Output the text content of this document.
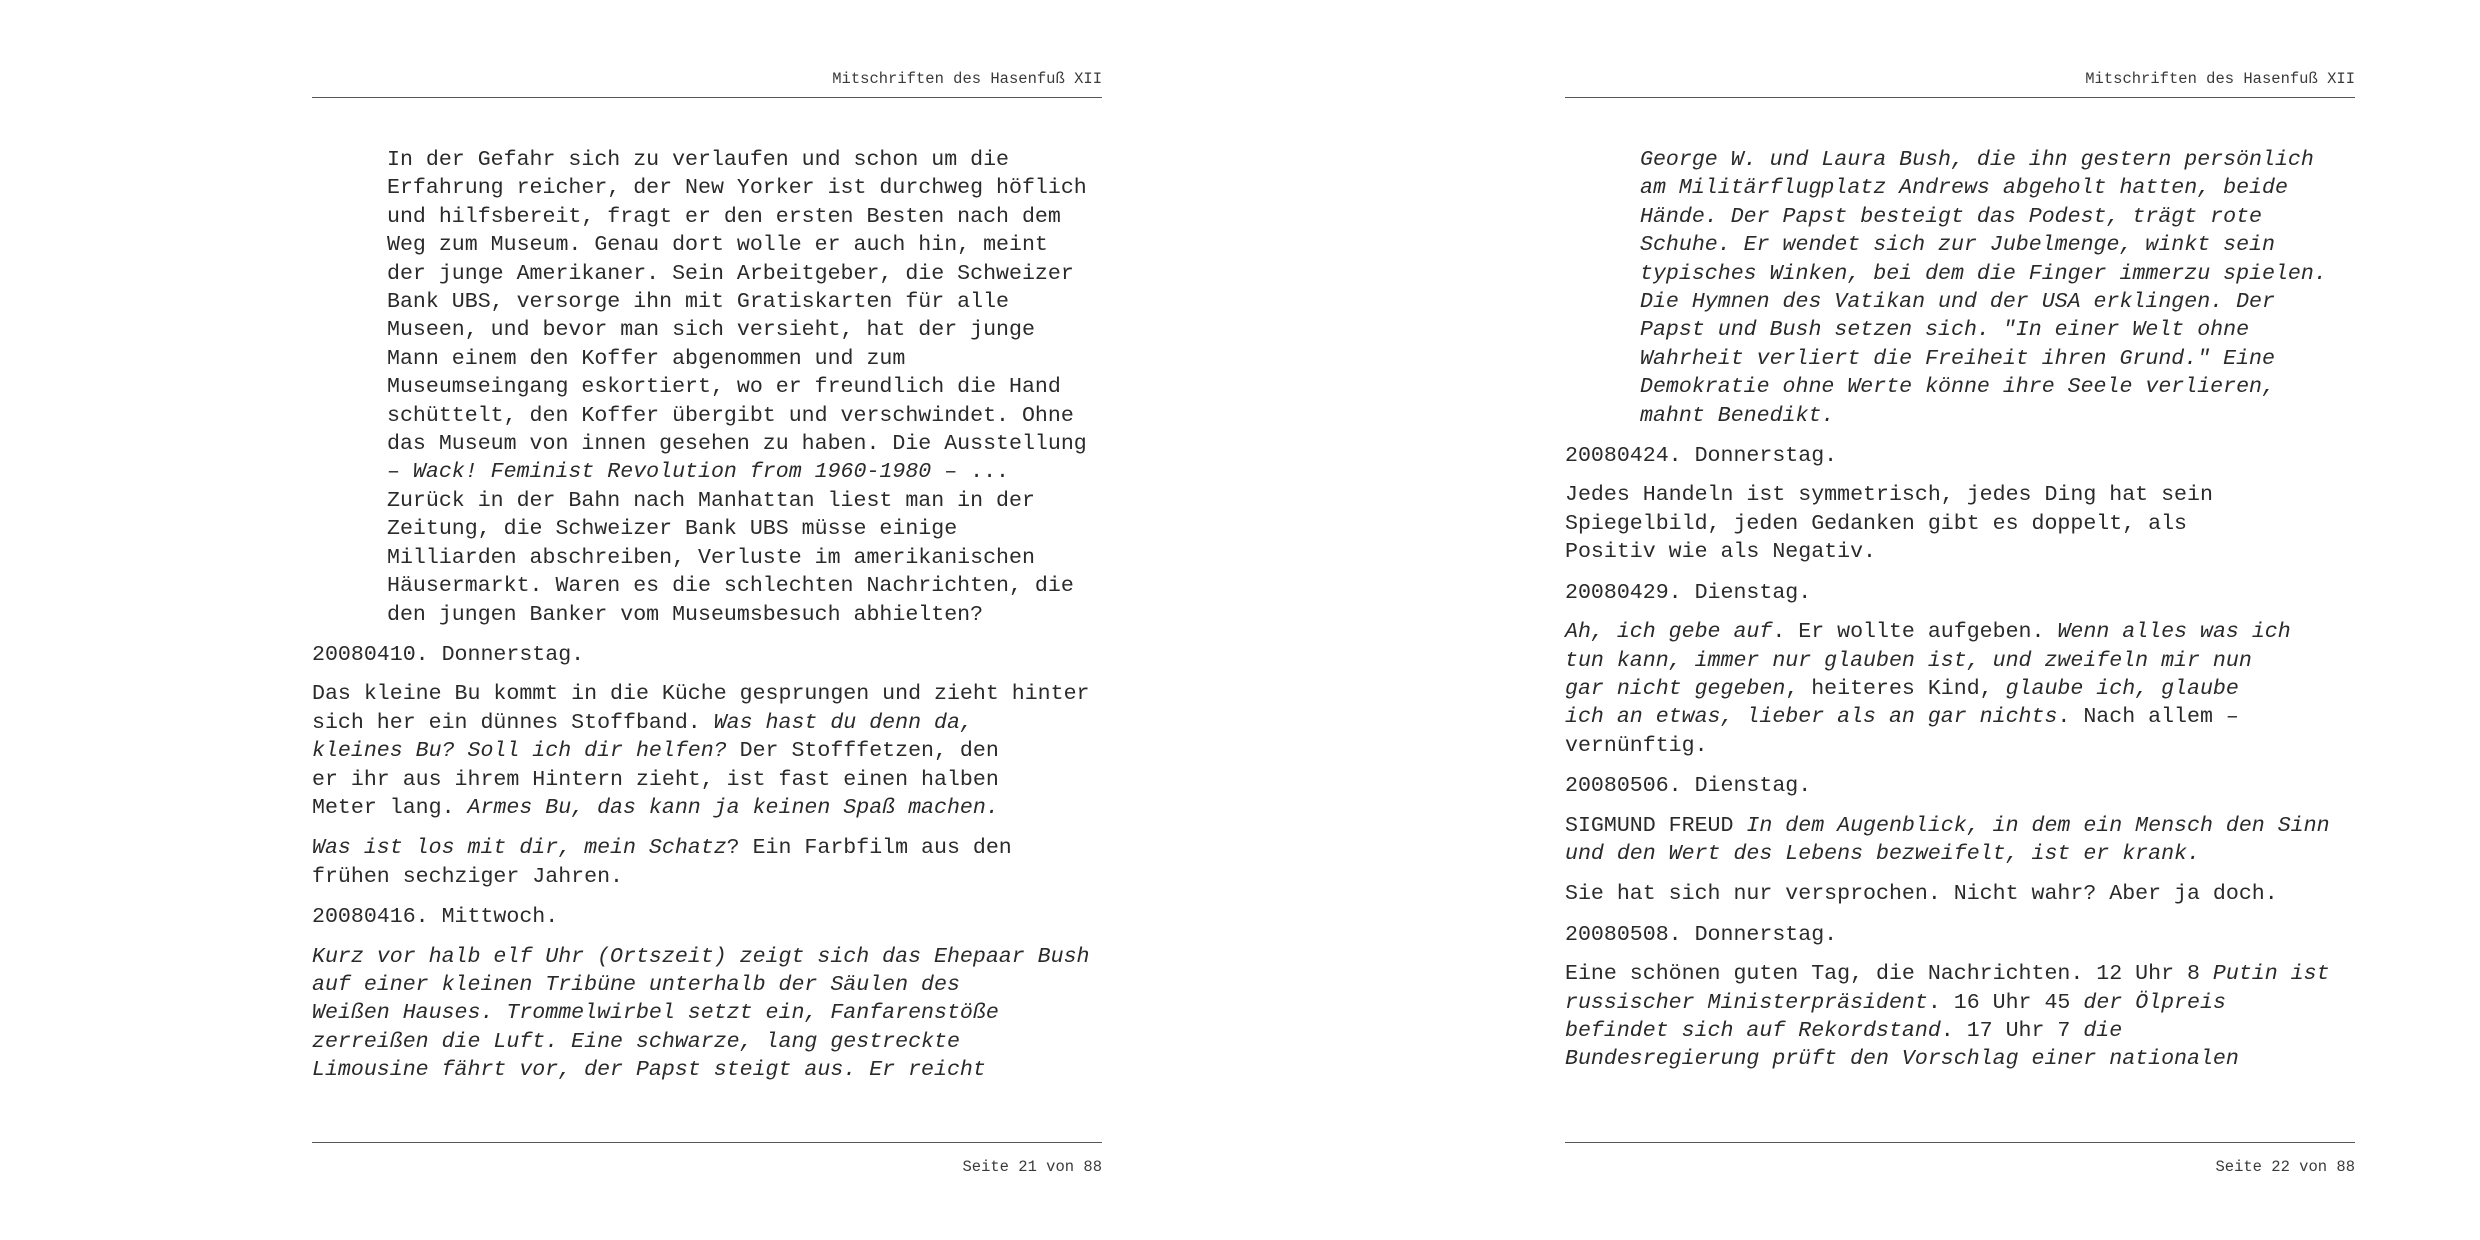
Mitschriften des Hasenfuß XII
In der Gefahr sich zu verlaufen und schon um die
Erfahrung reicher, der New Yorker ist durchweg höflich
und hilfsbereit, fragt er den ersten Besten nach dem
Weg zum Museum. Genau dort wolle er auch hin, meint
der junge Amerikaner. Sein Arbeitgeber, die Schweizer
Bank UBS, versorge ihn mit Gratiskarten für alle
Museen, und bevor man sich versieht, hat der junge
Mann einem den Koffer abgenommen und zum
Museumseingang eskortiert, wo er freundlich die Hand
schüttelt, den Koffer übergibt und verschwindet. Ohne
das Museum von innen gesehen zu haben. Die Ausstellung
– Wack! Feminist Revolution from 1960-1980 – ...
Zurück in der Bahn nach Manhattan liest man in der
Zeitung, die Schweizer Bank UBS müsse einige
Milliarden abschreiben, Verluste im amerikanischen
Häusermarkt. Waren es die schlechten Nachrichten, die
den jungen Banker vom Museumsbesuch abhielten?
20080410. Donnerstag.
Das kleine Bu kommt in die Küche gesprungen und zieht hinter
sich her ein dünnes Stoffband. Was hast du denn da,
kleines Bu? Soll ich dir helfen? Der Stofffetzen, den
er ihr aus ihrem Hintern zieht, ist fast einen halben
Meter lang. Armes Bu, das kann ja keinen Spaß machen.
Was ist los mit dir, mein Schatz? Ein Farbfilm aus den
frühen sechziger Jahren.
20080416. Mittwoch.
Kurz vor halb elf Uhr (Ortszeit) zeigt sich das Ehepaar Bush
auf einer kleinen Tribüne unterhalb der Säulen des
Weißen Hauses. Trommelwirbel setzt ein, Fanfarenstöße
zerreißen die Luft. Eine schwarze, lang gestreckte
Limousine fährt vor, der Papst steigt aus. Er reicht
Seite 21 von 88
Mitschriften des Hasenfuß XII
George W. und Laura Bush, die ihn gestern persönlich
am Militärflugplatz Andrews abgeholt hatten, beide
Hände. Der Papst besteigt das Podest, trägt rote
Schuhe. Er wendet sich zur Jubelmenge, winkt sein
typisches Winken, bei dem die Finger immerzu spielen.
Die Hymnen des Vatikan und der USA erklingen. Der
Papst und Bush setzen sich. "In einer Welt ohne
Wahrheit verliert die Freiheit ihren Grund." Eine
Demokratie ohne Werte könne ihre Seele verlieren,
mahnt Benedikt.
20080424. Donnerstag.
Jedes Handeln ist symmetrisch, jedes Ding hat sein
Spiegelbild, jeden Gedanken gibt es doppelt, als
Positiv wie als Negativ.
20080429. Dienstag.
Ah, ich gebe auf. Er wollte aufgeben. Wenn alles was ich
tun kann, immer nur glauben ist, und zweifeln mir nun
gar nicht gegeben, heiteres Kind, glaube ich, glaube
ich an etwas, lieber als an gar nichts. Nach allem –
vernünftig.
20080506. Dienstag.
SIGMUND FREUD In dem Augenblick, in dem ein Mensch den Sinn
und den Wert des Lebens bezweifelt, ist er krank.
Sie hat sich nur versprochen. Nicht wahr? Aber ja doch.
20080508. Donnerstag.
Eine schönen guten Tag, die Nachrichten. 12 Uhr 8 Putin ist
russischer Ministerpräsident. 16 Uhr 45 der Ölpreis
befindet sich auf Rekordstand. 17 Uhr 7 die
Bundesregierung prüft den Vorschlag einer nationalen
Seite 22 von 88
